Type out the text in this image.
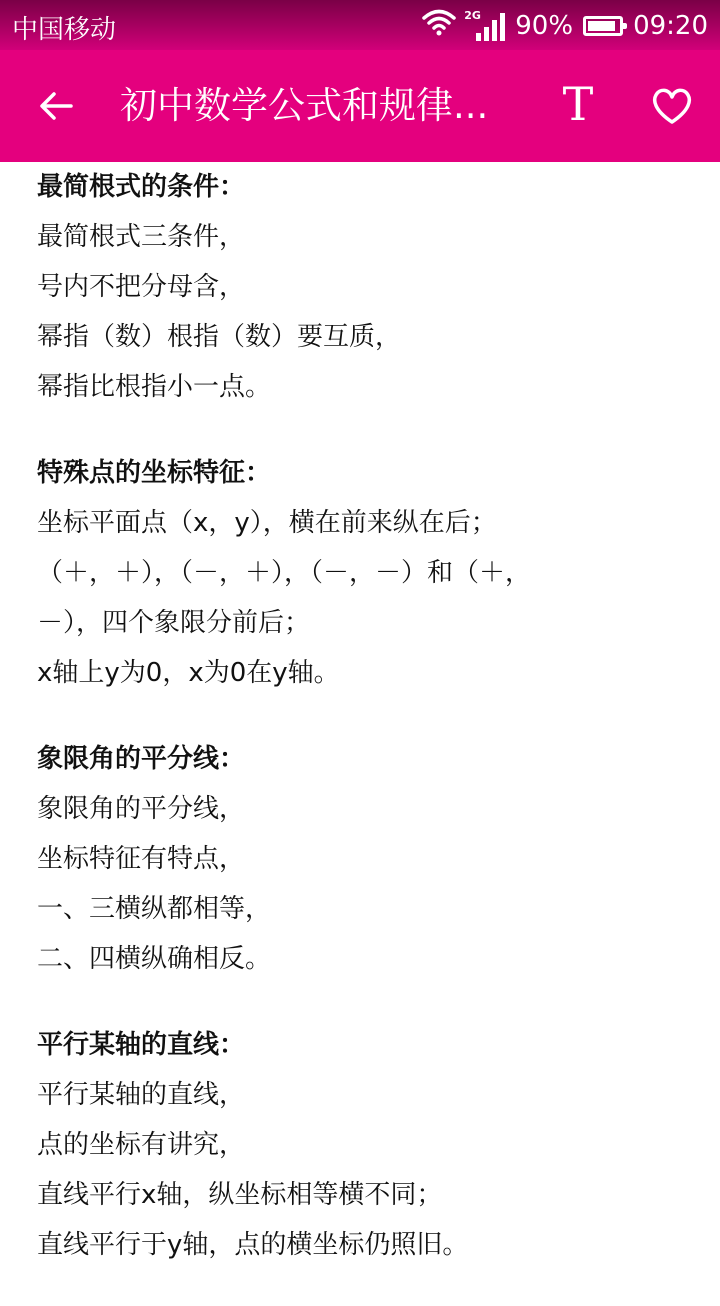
中国移动	2G 90% 09:20
初中数学公式和规律...	T
最简根式的条件：
最简根式三条件，
号内不把分母含，
幂指（数）根指（数）要互质，
幂指比根指小一点。
特殊点的坐标特征：
坐标平面点（x，y），横在前来纵在后；
（＋，＋），（－，＋），（－，－）和（＋，
－），四个象限分前后；
x轴上y为0，x为0在y轴。
象限角的平分线：
象限角的平分线，
坐标特征有特点，
一、三横纵都相等，
二、四横纵确相反。
平行某轴的直线：
平行某轴的直线，
点的坐标有讲究，
直线平行x轴，纵坐标相等横不同；
直线平行于y轴，点的横坐标仍照旧。
